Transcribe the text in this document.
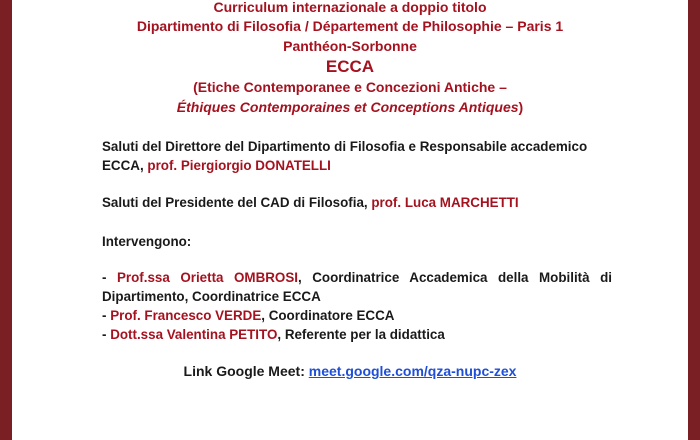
Curriculum internazionale a doppio titolo
Dipartimento di Filosofia / Département de Philosophie – Paris 1
Panthéon-Sorbonne
ECCA
(Etiche Contemporanee e Concezioni Antiche –
Éthiques Contemporaines et Conceptions Antiques)
Saluti del Direttore del Dipartimento di Filosofia e Responsabile accademico ECCA, prof. Piergiorgio DONATELLI
Saluti del Presidente del CAD di Filosofia, prof. Luca MARCHETTI
Intervengono:
- Prof.ssa Orietta OMBROSI, Coordinatrice Accademica della Mobilità di Dipartimento, Coordinatrice ECCA
- Prof. Francesco VERDE, Coordinatore ECCA
- Dott.ssa Valentina PETITO, Referente per la didattica
Link Google Meet: meet.google.com/qza-nupc-zex
